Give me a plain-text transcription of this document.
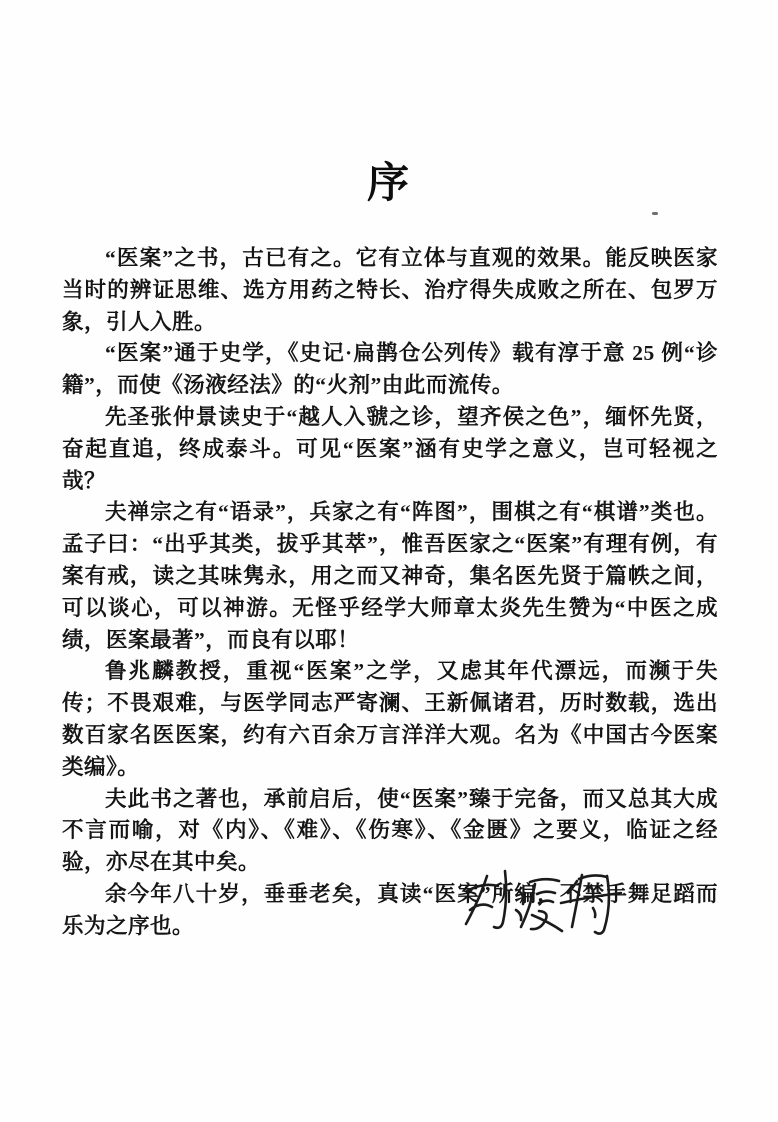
序

“医案”之书，古已有之。它有立体与直观的效果。能反映医家当时的辨证思维、选方用药之特长、治疗得失成败之所在、包罗万象，引人入胜。

“医案”通于史学，《史记·扁鹊仓公列传》载有淳于意 25 例“诊籍”，而使《汤液经法》的“火剂”由此而流传。

先圣张仲景读史于“越人入虢之诊，望齐侯之色”，缅怀先贤，奋起直追，终成泰斗。可见“医案”涵有史学之意义，岂可轻视之哉？

夫禅宗之有“语录”，兵家之有“阵图”，围棋之有“棋谱”类也。孟子曰：“出乎其类，拔乎其萃”，惟吾医家之“医案”有理有例，有案有戒，读之其味隽永，用之而又神奇，集名医先贤于篇帙之间，可以谈心，可以神游。无怪乎经学大师章太炎先生赞为“中医之成绩，医案最著”，而良有以耶！

鲁兆麟教授，重视“医案”之学，又虑其年代漂远，而濒于失传；不畏艰难，与医学同志严寄澜、王新佩诸君，历时数载，选出数百家名医医案，约有六百余万言洋洋大观。名为《中国古今医案类编》。

夫此书之著也，承前启后，使“医案”臻于完备，而又总其大成不言而喻，对《内》、《难》、《伤寒》、《金匮》之要义，临证之经验，亦尽在其中矣。

余今年八十岁，垂垂老矣，真读“医案”所编，不禁手舞足蹈而乐为之序也。
